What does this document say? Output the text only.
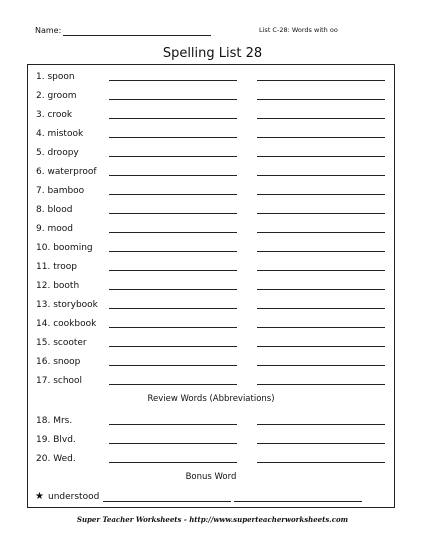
Name:	List C-28: Words with oo
Spelling List 28
1. spoon
2. groom
3. crook
4. mistook
5. droopy
6. waterproof
7. bamboo
8. blood
9. mood
10. booming
11. troop
12. booth
13. storybook
14. cookbook
15. scooter
16. snoop
17. school
Review Words (Abbreviations)
18. Mrs.
19. Blvd.
20. Wed.
Bonus Word
★ understood
Super Teacher Worksheets - http://www.superteacherworksheets.com
